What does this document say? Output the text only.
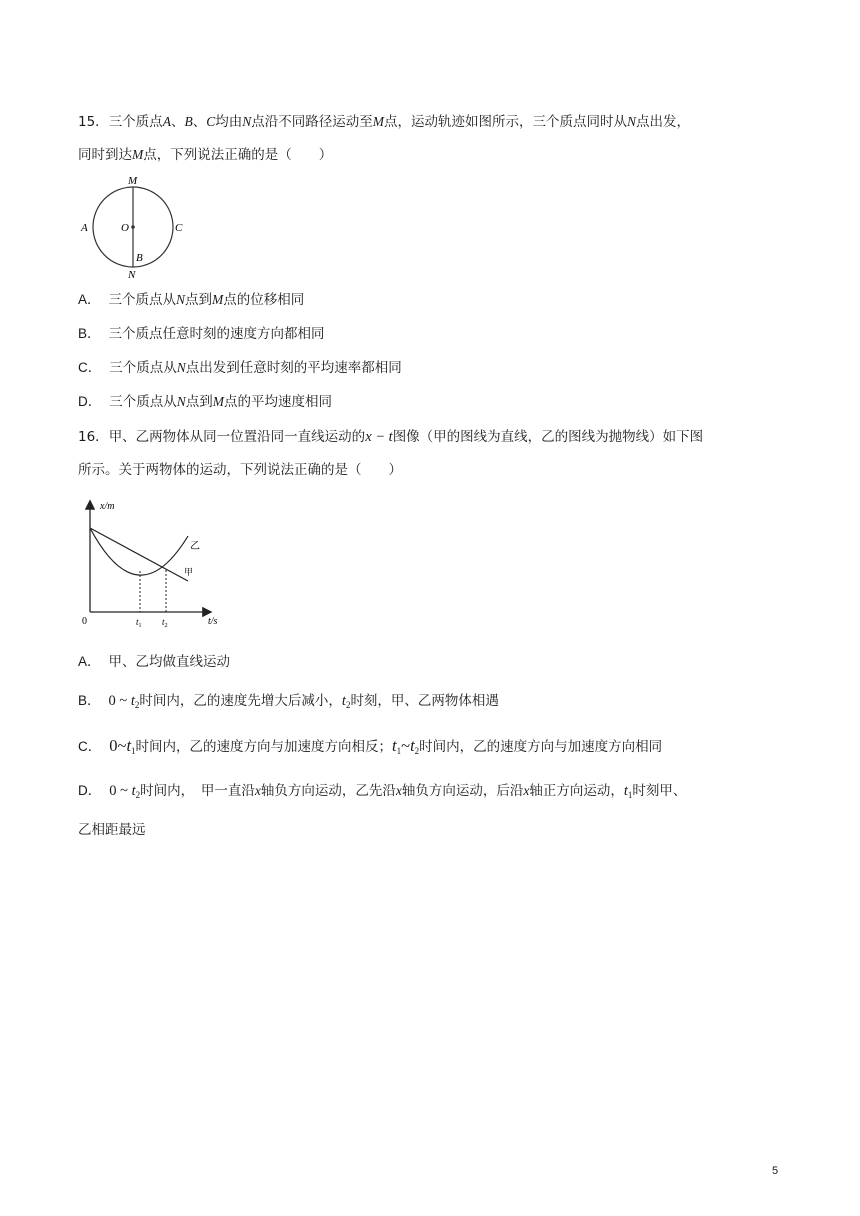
15．三个质点A、B、C均由N点沿不同路径运动至M点，运动轨迹如图所示，三个质点同时从N点出发，
同时到达M点，下列说法正确的是（　　）
M
N
A	C
O
B
A． 三个质点从N点到M点的位移相同
B． 三个质点任意时刻的速度方向都相同
C． 三个质点从N点出发到任意时刻的平均速率都相同
D． 三个质点从N点到M点的平均速度相同
16．甲、乙两物体从同一位置沿同一直线运动的x − t图像（甲的图线为直线，乙的图线为抛物线）如下图
所示。关于两物体的运动，下列说法正确的是（　　）
x/m
t/s
0	$t_1$ $t_2$
乙
甲
A． 甲、乙均做直线运动
B． 0 ~ $t_2$时间内，乙的速度先增大后减小，$t_2$时刻，甲、乙两物体相遇
C． $0\sim t_1$时间内，乙的速度方向与加速度方向相反；$t_1\sim t_2$时间内，乙的速度方向与加速度方向相同
D． 0 ~ $t_2$时间内，　甲一直沿x轴负方向运动，乙先沿x轴负方向运动，后沿x轴正方向运动，$t_1$时刻甲、
乙相距最远
5
